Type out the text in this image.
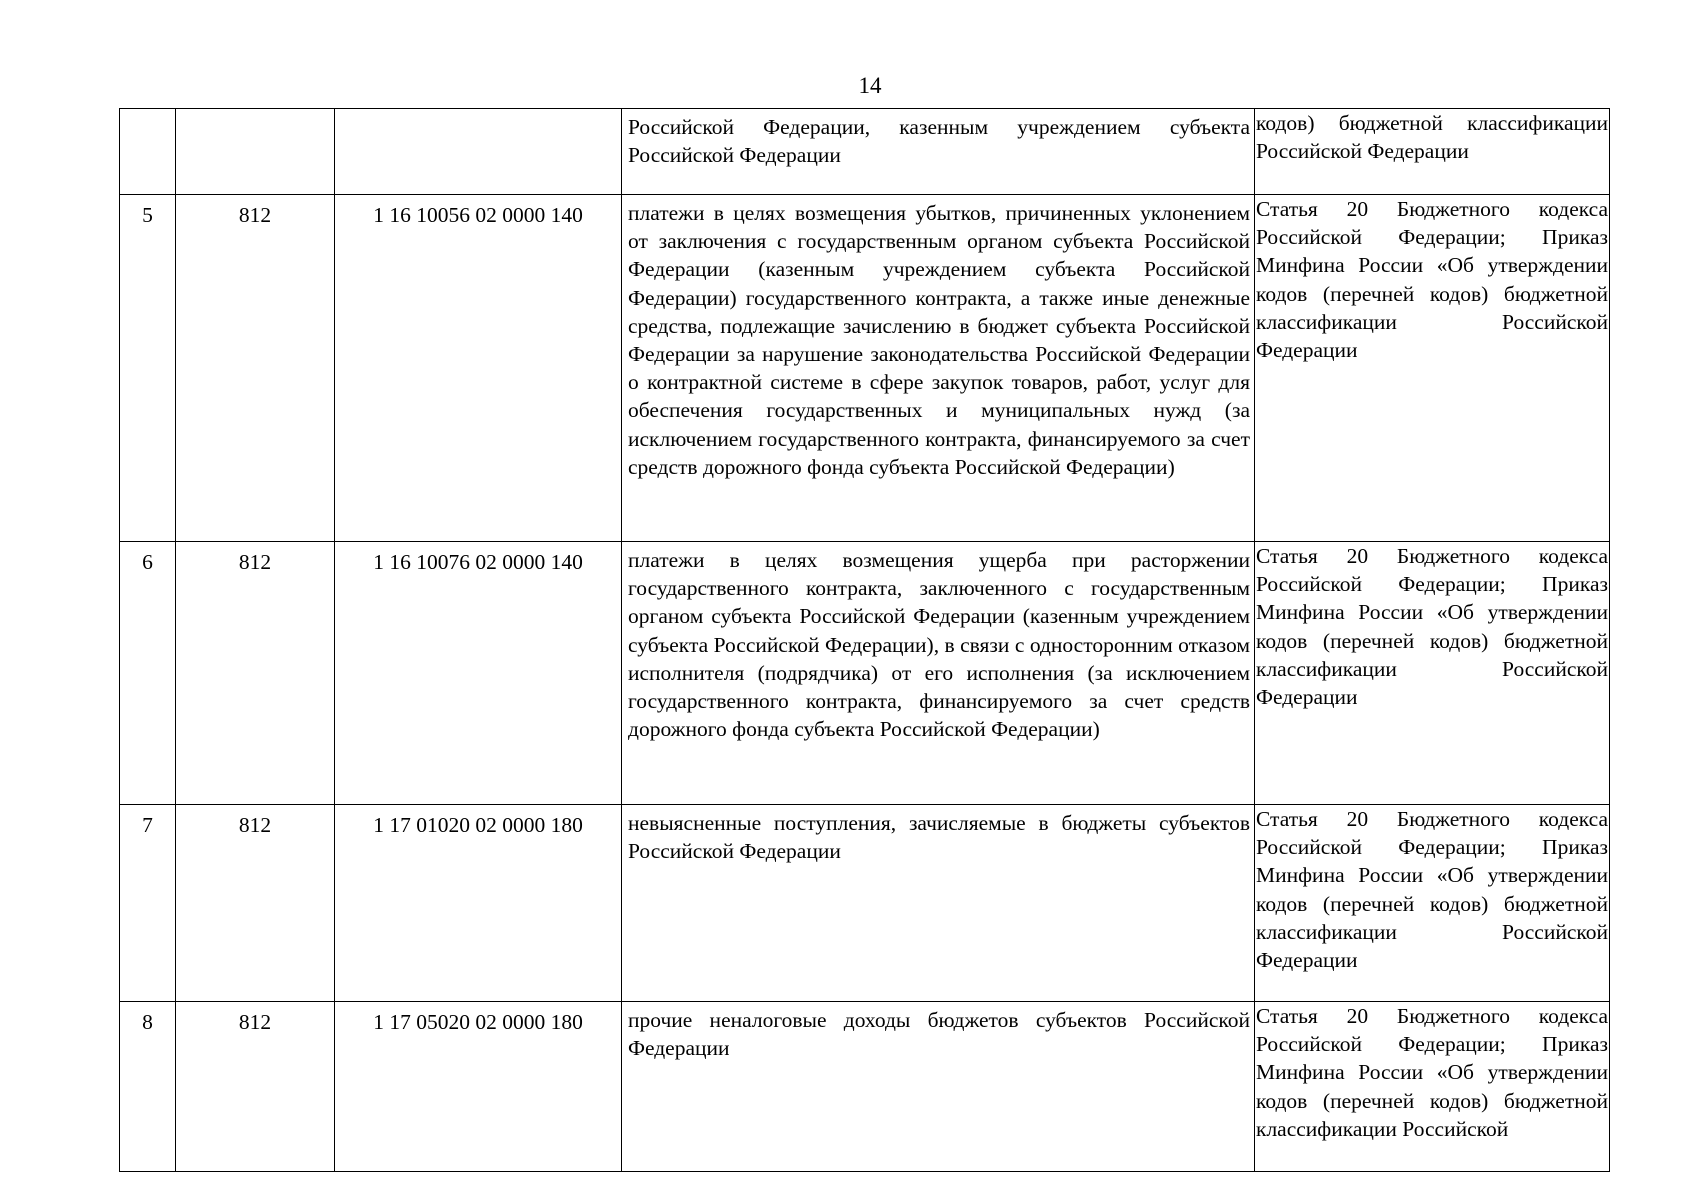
14

			Российской Федерации, казенным учреждением субъекта Российской Федерации	кодов) бюджетной классификации Российской Федерации

5	812	1 16 10056 02 0000 140	платежи в целях возмещения убытков, причиненных уклонением от заключения с государственным органом субъекта Российской Федерации (казенным учреждением субъекта Российской Федерации) государственного контракта, а также иные денежные средства, подлежащие зачислению в бюджет субъекта Российской Федерации за нарушение законодательства Российской Федерации о контрактной системе в сфере закупок товаров, работ, услуг для обеспечения государственных и муниципальных нужд (за исключением государственного контракта, финансируемого за счет средств дорожного фонда субъекта Российской Федерации)	Статья 20 Бюджетного кодекса Российской Федерации; Приказ Минфина России «Об утверждении кодов (перечней кодов) бюджетной классификации Российской Федерации

6	812	1 16 10076 02 0000 140	платежи в целях возмещения ущерба при расторжении государственного контракта, заключенного с государственным органом субъекта Российской Федерации (казенным учреждением субъекта Российской Федерации), в связи с односторонним отказом исполнителя (подрядчика) от его исполнения (за исключением государственного контракта, финансируемого за счет средств дорожного фонда субъекта Российской Федерации)	Статья 20 Бюджетного кодекса Российской Федерации; Приказ Минфина России «Об утверждении кодов (перечней кодов) бюджетной классификации Российской Федерации

7	812	1 17 01020 02 0000 180	невыясненные поступления, зачисляемые в бюджеты субъектов Российской Федерации	Статья 20 Бюджетного кодекса Российской Федерации; Приказ Минфина России «Об утверждении кодов (перечней кодов) бюджетной классификации Российской Федерации

8	812	1 17 05020 02 0000 180	прочие неналоговые доходы бюджетов субъектов Российской Федерации	Статья 20 Бюджетного кодекса Российской Федерации; Приказ Минфина России «Об утверждении кодов (перечней кодов) бюджетной классификации Российской
